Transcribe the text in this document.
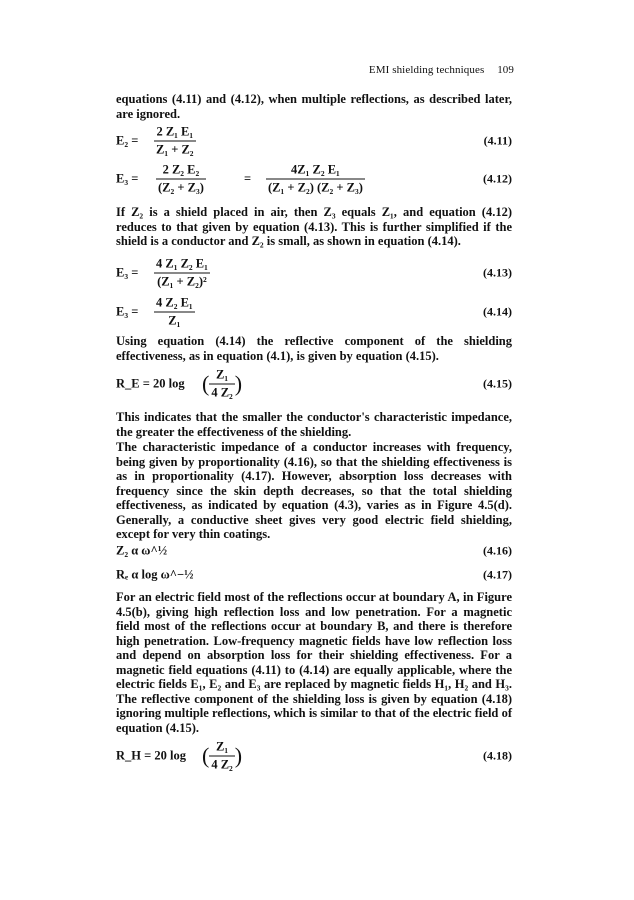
EMI shielding techniques 109
equations (4.11) and (4.12), when multiple reflections, as described later, are ignored.
$E_2 = \frac{\text{2 Z₁ E₁}}{\text{Z₁ + Z₂}}$	(4.11)
$E_3 = \frac{\text{2 Z₂ E₂}}{\text{(Z₂ + Z₃)}}$	= $\frac{\text{4Z₁ Z₂ E₁}}{\text{(Z₁ + Z₂) (Z₂ + Z₃)}}$	(4.12)
If Z₂ is a shield placed in air, then Z₃ equals Z₁, and equation (4.12) reduces to that given by equation (4.13). This is further simplified if the shield is a conductor and Z₂ is small, as shown in equation (4.14).
$E_3 = \frac{\text{4 Z₁ Z₂ E₁}}{\text{(Z₁ + Z₂)²}}$	(4.13)
$E_3 = \frac{\text{4 Z₂ E₁}}{\text{Z₁}}$	(4.14)
Using equation (4.14) the reflective component of the shielding effectiveness, as in equation (4.1), is given by equation (4.15).
R_E = 20 log ( $\frac{\text{Z₁}}{\text{4 Z₂}}$ )	(4.15)
This indicates that the smaller the conductor's characteristic impedance, the greater the effectiveness of the shielding.
The characteristic impedance of a conductor increases with frequency, being given by proportionality (4.16), so that the shielding effectiveness is as in proportionality (4.17). However, absorption loss decreases with frequency since the skin depth decreases, so that the total shielding effectiveness, as indicated by equation (4.3), varies as in Figure 4.5(d). Generally, a conductive sheet gives very good electric field shielding, except for very thin coatings.
Z₂ α ω^½	(4.16)
Rₑ α log ω^−½	(4.17)
For an electric field most of the reflections occur at boundary A, in Figure 4.5(b), giving high reflection loss and low penetration. For a magnetic field most of the reflections occur at boundary B, and there is therefore high penetration. Low-frequency magnetic fields have low reflection loss and depend on absorption loss for their shielding effectiveness. For a magnetic field equations (4.11) to (4.14) are equally applicable, where the electric fields E₁, E₂ and E₃ are replaced by magnetic fields H₁, H₂ and H₃. The reflective component of the shielding loss is given by equation (4.18) ignoring multiple reflections, which is similar to that of the electric field of equation (4.15).
R_H = 20 log ( $\frac{\text{Z₁}}{\text{4 Z₂}}$ )	(4.18)
